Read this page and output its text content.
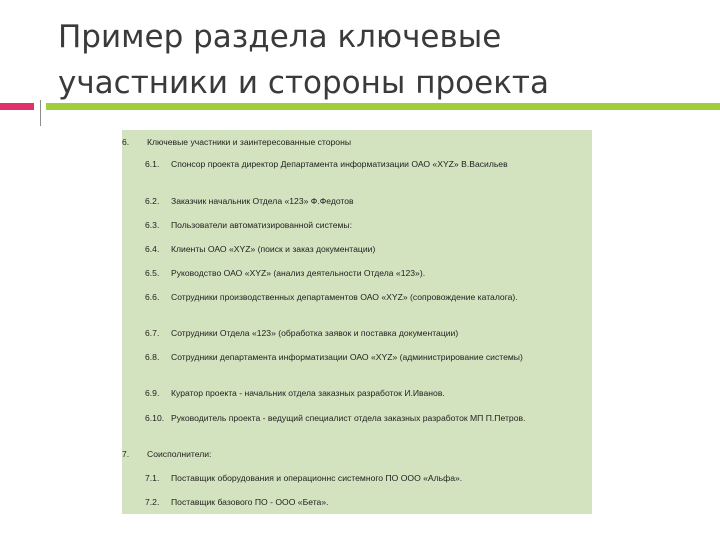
Пример раздела ключевые
участники и стороны проекта
6.	Ключевые участники и заинтересованные стороны
6.1.	Спонсор проекта директор Департамента информатизации ОАО «XYZ» В.Васильев
6.2.	Заказчик начальник Отдела «123» Ф.Федотов
6.3.	Пользователи автоматизированной системы:
6.4.	Клиенты ОАО «XYZ» (поиск и заказ документации)
6.5.	Руководство ОАО «XYZ» (анализ деятельности Отдела «123»).
6.6.	Сотрудники производственных департаментов ОАО «XYZ» (сопровождение каталога).
6.7.	Сотрудники Отдела «123» (обработка заявок и поставка документации)
6.8.	Сотрудники департамента информатизации ОАО «XYZ» (администрирование системы)
6.9.	Куратор проекта - начальник отдела заказных разработок И.Иванов.
6.10. Руководитель проекта - ведущий специалист отдела заказных разработок МП П.Петров.
7.	Соисполнители:
7.1.	Поставщик оборудования и операционнс системного ПО ООО «Альфа».
7.2.	Поставщик базового ПО - ООО «Бета».
